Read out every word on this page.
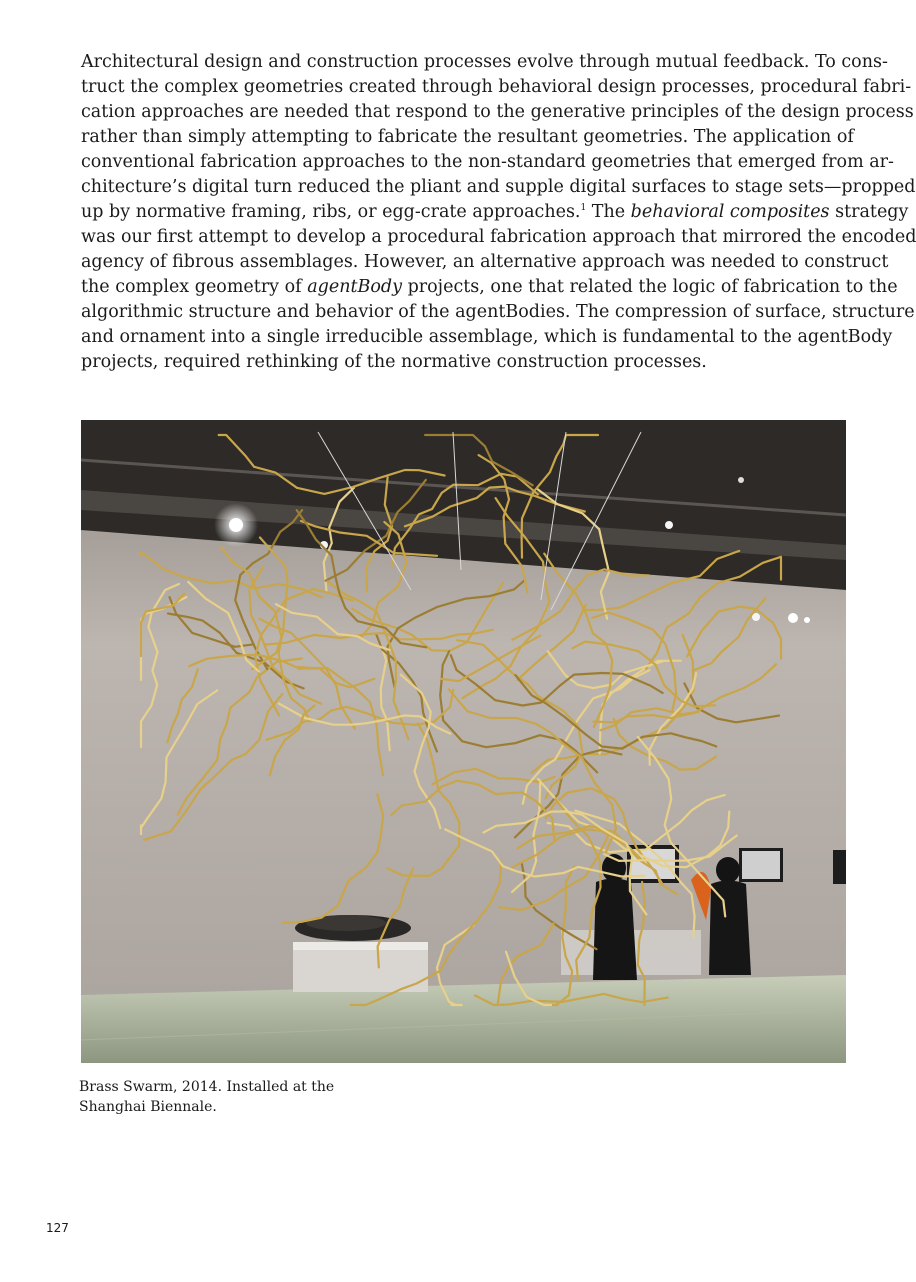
Architectural design and construction processes evolve through mutual feedback. To cons-
truct the complex geometries created through behavioral design processes, procedural fabri-
cation approaches are needed that respond to the generative principles of the design process
rather than simply attempting to fabricate the resultant geometries. The application of
conventional fabrication approaches to the non-standard geometries that emerged from ar-
chitecture’s digital turn reduced the pliant and supple digital surfaces to stage sets—propped
up by normative framing, ribs, or egg-crate approaches.$^1$ The behavioral composites strategy
was our first attempt to develop a procedural fabrication approach that mirrored the encoded
agency of fibrous assemblages. However, an alternative approach was needed to construct
the complex geometry of agentBody projects, one that related the logic of fabrication to the
algorithmic structure and behavior of the agentBodies. The compression of surface, structure
and ornament into a single irreducible assemblage, which is fundamental to the agentBody
projects, required rethinking of the normative construction processes.
Brass Swarm, 2014. Installed at the
Shanghai Biennale.
127
